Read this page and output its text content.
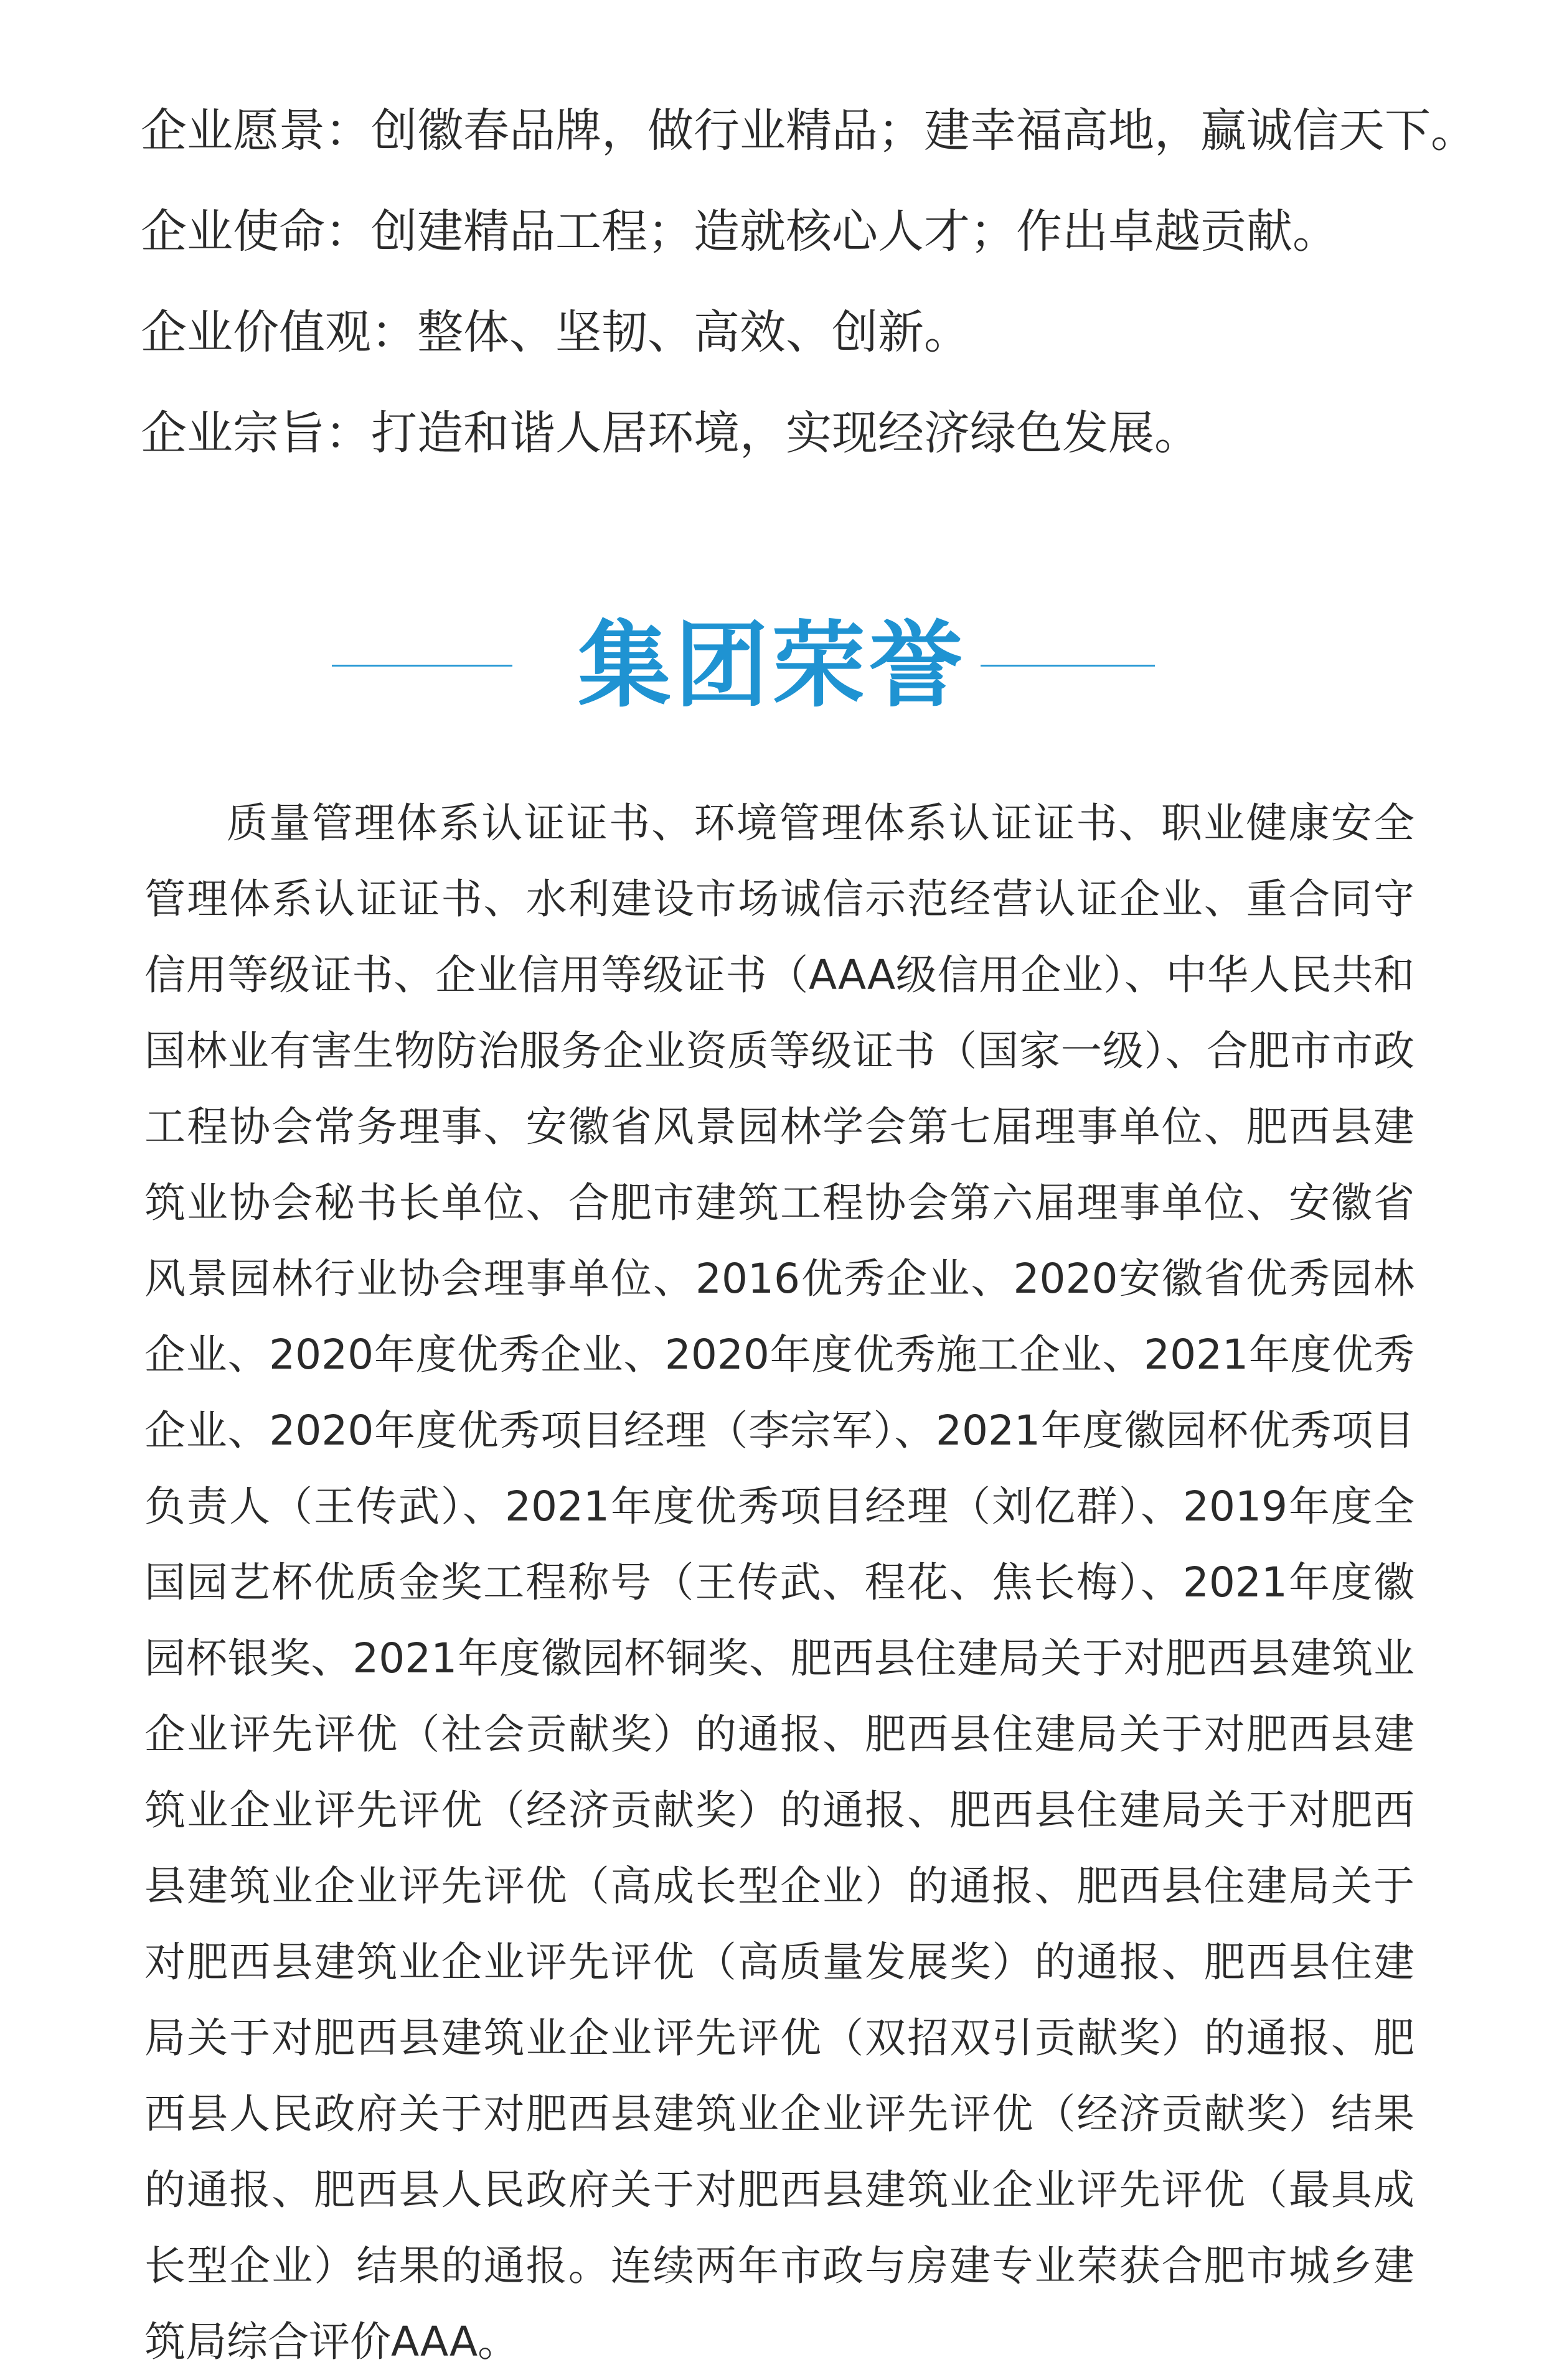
企业愿景：创徽春品牌，做行业精品；建幸福高地，赢诚信天下。
企业使命：创建精品工程；造就核心人才；作出卓越贡献。
企业价值观：整体、坚韧、高效、创新。
企业宗旨：打造和谐人居环境，实现经济绿色发展。
集团荣誉

质量管理体系认证证书、环境管理体系认证证书、职业健康安全管理体系认证证书、水利建设市场诚信示范经营认证企业、重合同守信用等级证书、企业信用等级证书（AAA级信用企业）、中华人民共和国林业有害生物防治服务企业资质等级证书（国家一级）、合肥市市政工程协会常务理事、安徽省风景园林学会第七届理事单位、肥西县建筑业协会秘书长单位、合肥市建筑工程协会第六届理事单位、安徽省风景园林行业协会理事单位、2016优秀企业、2020安徽省优秀园林企业、2020年度优秀企业、2020年度优秀施工企业、2021年度优秀企业、2020年度优秀项目经理（李宗军）、2021年度徽园杯优秀项目负责人（王传武）、2021年度优秀项目经理（刘亿群）、2019年度全国园艺杯优质金奖工程称号（王传武、程花、焦长梅）、2021年度徽园杯银奖、2021年度徽园杯铜奖、肥西县住建局关于对肥西县建筑业企业评先评优（社会贡献奖）的通报、肥西县住建局关于对肥西县建筑业企业评先评优（经济贡献奖）的通报、肥西县住建局关于对肥西县建筑业企业评先评优（高成长型企业）的通报、肥西县住建局关于对肥西县建筑业企业评先评优（高质量发展奖）的通报、肥西县住建局关于对肥西县建筑业企业评先评优（双招双引贡献奖）的通报、肥西县人民政府关于对肥西县建筑业企业评先评优（经济贡献奖）结果的通报、肥西县人民政府关于对肥西县建筑业企业评先评优（最具成长型企业）结果的通报。连续两年市政与房建专业荣获合肥市城乡建筑局综合评价AAA。
